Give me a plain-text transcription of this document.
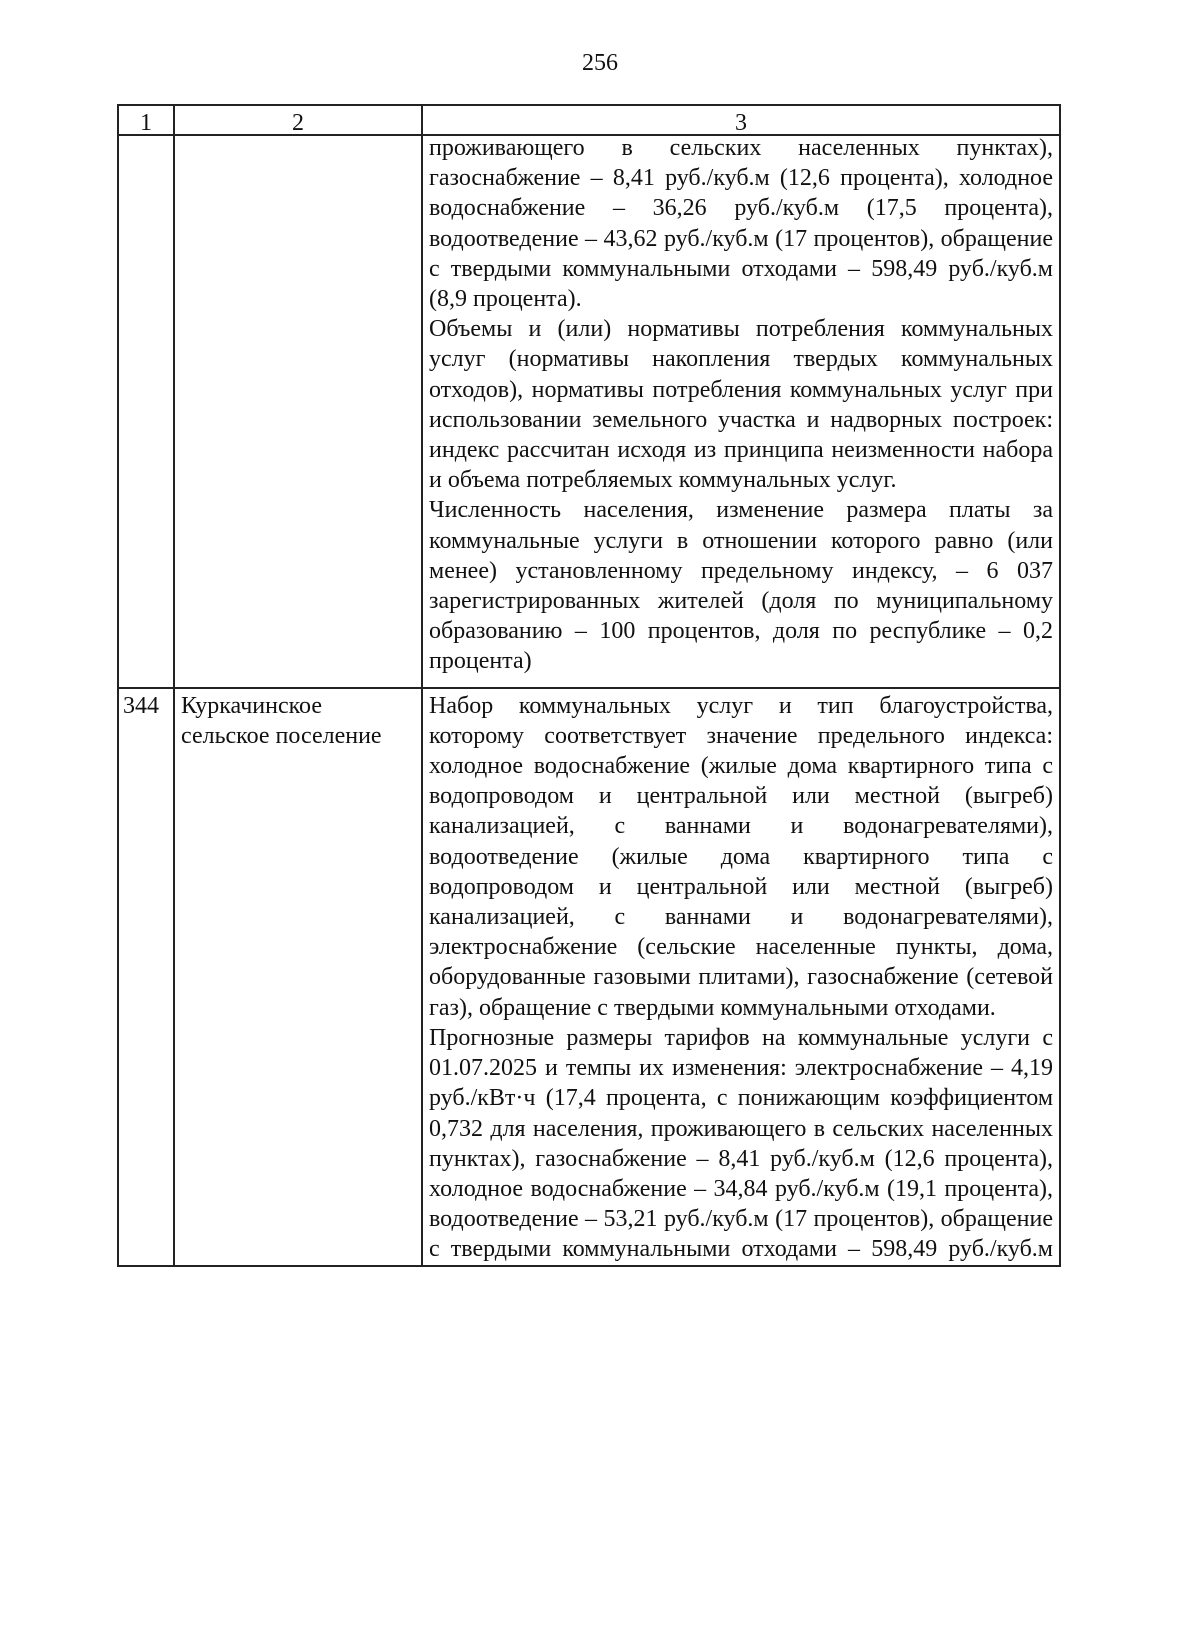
256
1	2	3

проживающего в сельских населенных пунктах), газоснабжение – 8,41 руб./куб.м (12,6 процента), холодное водоснабжение – 36,26 руб./куб.м (17,5 процента), водоотведение – 43,62 руб./куб.м (17 процентов), обращение с твердыми коммунальными отходами – 598,49 руб./куб.м (8,9 процента).

Объемы и (или) нормативы потребления коммунальных услуг (нормативы накопления твердых коммунальных отходов), нормативы потребления коммунальных услуг при использовании земельного участка и надворных построек: индекс рассчитан исходя из принципа неизменности набора и объема потребляемых коммунальных услуг.

Численность населения, изменение размера платы за коммунальные услуги в отношении которого равно (или менее) установленному предельному индексу, – 6 037 зарегистрированных жителей (доля по муниципальному образованию – 100 процентов, доля по республике – 0,2 процента)

344 Куркачинское сельское поселение

Набор коммунальных услуг и тип благоустройства, которому соответствует значение предельного индекса: холодное водоснабжение (жилые дома квартирного типа с водопроводом и центральной или местной (выгреб) канализацией, с ваннами и водонагревателями), водоотведение (жилые дома квартирного типа с водопроводом и центральной или местной (выгреб) канализацией, с ваннами и водонагревателями), электроснабжение (сельские населенные пункты, дома, оборудованные газовыми плитами), газоснабжение (сетевой газ), обращение с твердыми коммунальными отходами.

Прогнозные размеры тарифов на коммунальные услуги с 01.07.2025 и темпы их изменения: электроснабжение – 4,19 руб./кВт·ч (17,4 процента, с понижающим коэффициентом 0,732 для населения, проживающего в сельских населенных пунктах), газоснабжение – 8,41 руб./куб.м (12,6 процента), холодное водоснабжение – 34,84 руб./куб.м (19,1 процента), водоотведение – 53,21 руб./куб.м (17 процентов), обращение с твердыми коммунальными отходами – 598,49 руб./куб.м
